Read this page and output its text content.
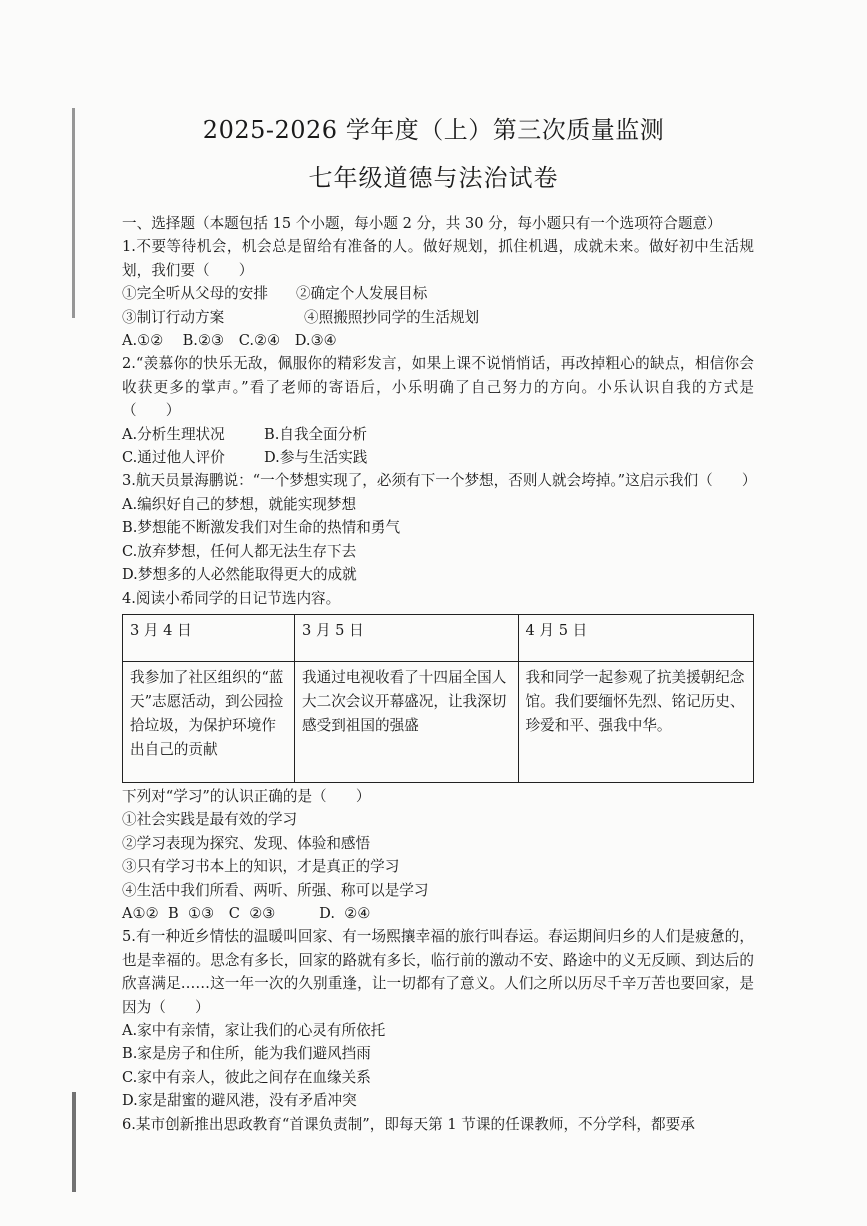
2025-2026 学年度（上）第三次质量监测
七年级道德与法治试卷

一、选择题（本题包括 15 个小题，每小题 2 分，共 30 分，每小题只有一个选项符合题意）

1.不要等待机会，机会总是留给有准备的人。做好规划，抓住机遇，成就未来。做好初中生活规划，我们要（　　）

①完全听从父母的安排 ②确定个人发展目标

③制订行动方案	④照搬照抄同学的生活规划

A.①②　 B.②③　C.②④　D.③④

2.“羡慕你的快乐无敌，佩服你的精彩发言，如果上课不说悄悄话，再改掉粗心的缺点，相信你会收获更多的掌声。”看了老师的寄语后，小乐明确了自己努力的方向。小乐认识自我的方式是（　　）

A.分析生理状况	B.自我全面分析

C.通过他人评价	D.参与生活实践

3.航天员景海鹏说：“一个梦想实现了，必须有下一个梦想，否则人就会垮掉。”这启示我们（　　）

A.编织好自己的梦想，就能实现梦想

B.梦想能不断激发我们对生命的热情和勇气

C.放弃梦想，任何人都无法生存下去

D.梦想多的人必然能取得更大的成就

4.阅读小希同学的日记节选内容。

3 月 4 日	3 月 5 日	4 月 5 日
我参加了社区组织的“蓝天”志愿活动，到公园捡拾垃圾，为保护环境作出自己的贡献	我通过电视收看了十四届全国人大二次会议开幕盛况，让我深切感受到祖国的强盛	我和同学一起参观了抗美援朝纪念馆。我们要缅怀先烈、铭记历史、珍爱和平、强我中华。

下列对“学习”的认识正确的是（　　）

①社会实践是最有效的学习

②学习表现为探究、发现、体验和感悟

③只有学习书本上的知识，才是真正的学习

④生活中我们所看、两听、所强、称可以是学习

A①②  B  ①③　C  ②③　　　D.  ②④

5.有一种近乡情怯的温暖叫回家、有一场熙攘幸福的旅行叫春运。春运期间归乡的人们是疲惫的，也是幸福的。思念有多长，回家的路就有多长，临行前的激动不安、路途中的义无反顾、到达后的欣喜满足……这一年一次的久别重逢，让一切都有了意义。人们之所以历尽千辛万苦也要回家，是因为（　　）

A.家中有亲情，家让我们的心灵有所依托

B.家是房子和住所，能为我们避风挡雨

C.家中有亲人，彼此之间存在血缘关系

D.家是甜蜜的避风港，没有矛盾冲突

6.某市创新推出思政教育“首课负责制”，即每天第 1 节课的任课教师，不分学科，都要承
